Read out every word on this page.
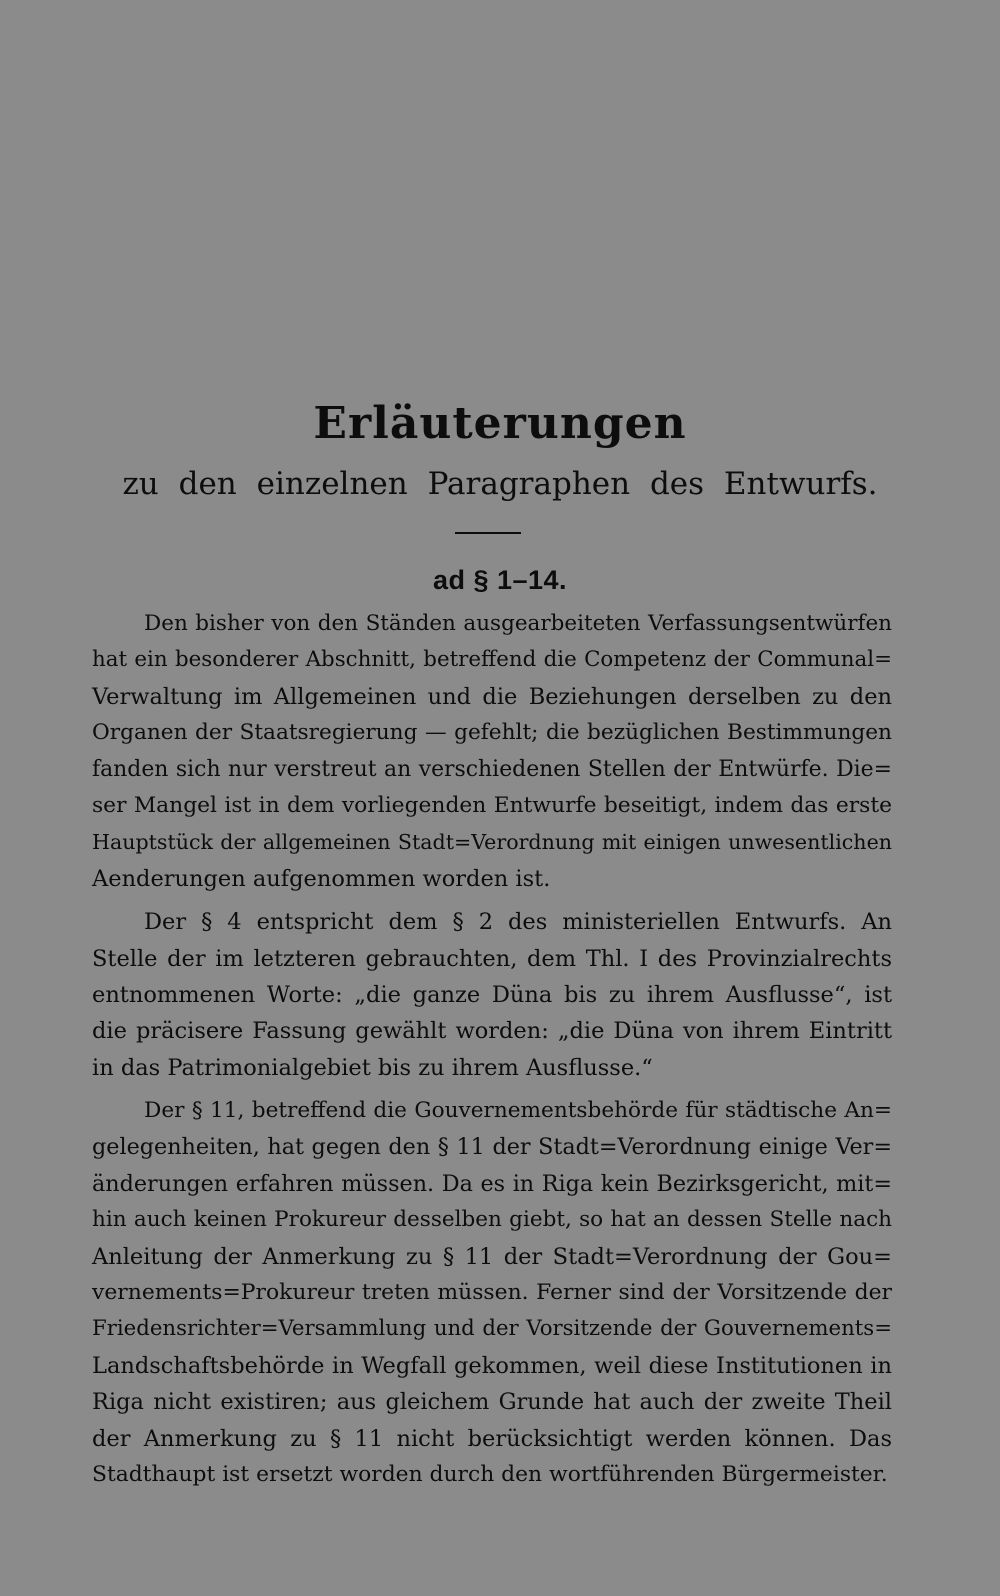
Erläuterungen
zu den einzelnen Paragraphen des Entwurfs.
ad § 1–14.
Den bisher von den Ständen ausgearbeiteten Verfassungsentwürfen
hat ein besonderer Abschnitt, betreffend die Competenz der Communal=
Verwaltung im Allgemeinen und die Beziehungen derselben zu den
Organen der Staatsregierung — gefehlt; die bezüglichen Bestimmungen
fanden sich nur verstreut an verschiedenen Stellen der Entwürfe. Die=
ser Mangel ist in dem vorliegenden Entwurfe beseitigt, indem das erste
Hauptstück der allgemeinen Stadt=Verordnung mit einigen unwesentlichen
Aenderungen aufgenommen worden ist.
Der § 4 entspricht dem § 2 des ministeriellen Entwurfs. An
Stelle der im letzteren gebrauchten, dem Thl. I des Provinzialrechts
entnommenen Worte: „die ganze Düna bis zu ihrem Ausflusse“, ist
die präcisere Fassung gewählt worden: „die Düna von ihrem Eintritt
in das Patrimonialgebiet bis zu ihrem Ausflusse.“
Der § 11, betreffend die Gouvernementsbehörde für städtische An=
gelegenheiten, hat gegen den § 11 der Stadt=Verordnung einige Ver=
änderungen erfahren müssen. Da es in Riga kein Bezirksgericht, mit=
hin auch keinen Prokureur desselben giebt, so hat an dessen Stelle nach
Anleitung der Anmerkung zu § 11 der Stadt=Verordnung der Gou=
vernements=Prokureur treten müssen. Ferner sind der Vorsitzende der
Friedensrichter=Versammlung und der Vorsitzende der Gouvernements=
Landschaftsbehörde in Wegfall gekommen, weil diese Institutionen in
Riga nicht existiren; aus gleichem Grunde hat auch der zweite Theil
der Anmerkung zu § 11 nicht berücksichtigt werden können. Das
Stadthaupt ist ersetzt worden durch den wortführenden Bürgermeister.
